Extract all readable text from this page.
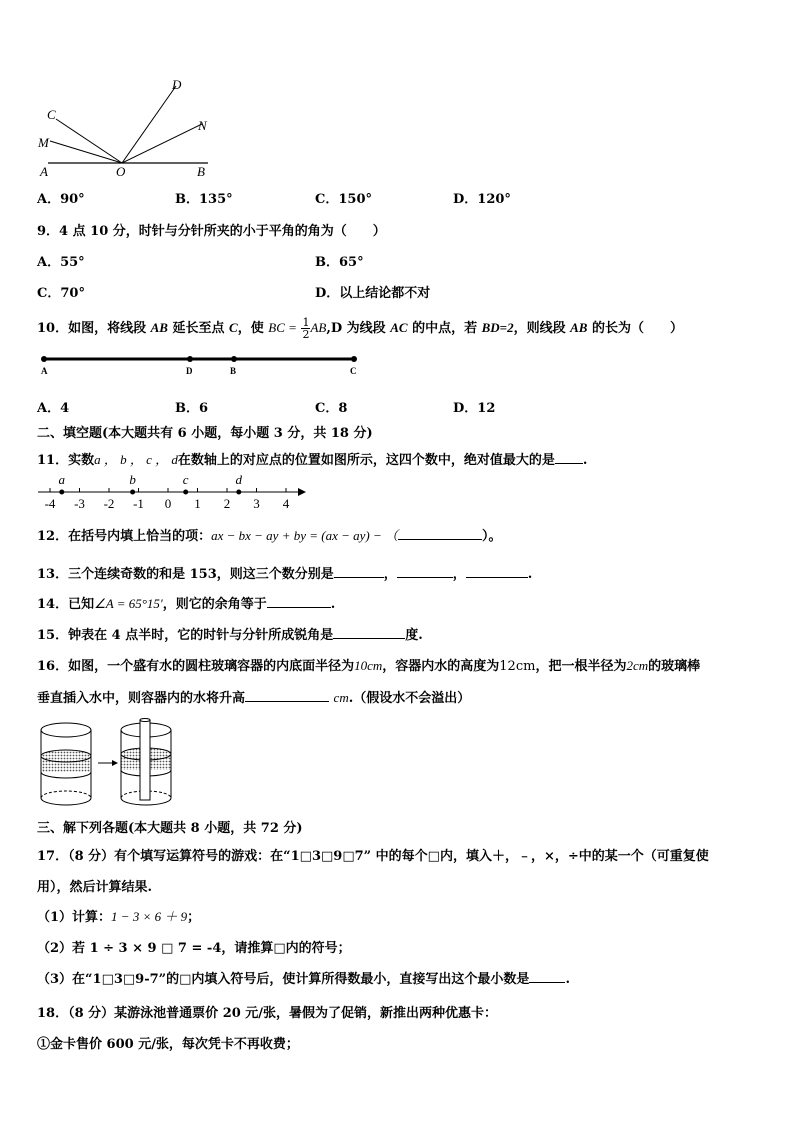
C
D
M
N
A	O	B
A．90°	B．135°	C．150°	D．120°
9．4 点 10 分，时针与分针所夹的小于平角的角为（　　）
A．55°	B．65°
C．70°	D．以上结论都不对
10．如图，将线段 AB 延长至点 C，使 BC = $\frac{1}{2} AB,D$ 为线段 AC 的中点，若 BD=2，则线段 AB 的长为（　　）
A	D	B	C
A．4	B．6	C．8	D．12
二、填空题(本大题共有 6 小题，每小题 3 分，共 18 分)
11．实数a ， b ， c ， d在数轴上的对应点的位置如图所示，这四个数中，绝对值最大的是 .
-4 -3 -2 -1 0 1 2 3 4
a	b	c	d
12．在括号内填上恰当的项：ax − bx − ay + by = (ax − ay) − （	）。
13．三个连续奇数的和是 153，则这三个数分别是	，	，	.
14．已知∠A = 65°15′，则它的余角等于	.
15．钟表在 4 点半时，它的时针与分针所成锐角是	度.
16．如图，一个盛有水的圆柱玻璃容器的内底面半径为10cm，容器内水的高度为12cm，把一根半径为2cm的玻璃棒
垂直插入水中，则容器内的水将升高	cm.（假设水不会溢出）
三、解下列各题(本大题共 8 小题，共 72 分)
17．（8 分）有个填写运算符号的游戏：在“1□3□9□7” 中的每个□内，填入＋，﹣，×，÷中的某一个（可重复使
用），然后计算结果.
（1）计算：1 − 3 × 6 ＋ 9；
（2）若 1 ÷ 3 × 9 □ 7 = -4，请推算□内的符号；
（3）在“1□3□9-7”的□内填入符号后，使计算所得数最小，直接写出这个最小数是	.
18．（8 分）某游泳池普通票价 20 元/张，暑假为了促销，新推出两种优惠卡：
①金卡售价 600 元/张，每次凭卡不再收费；
